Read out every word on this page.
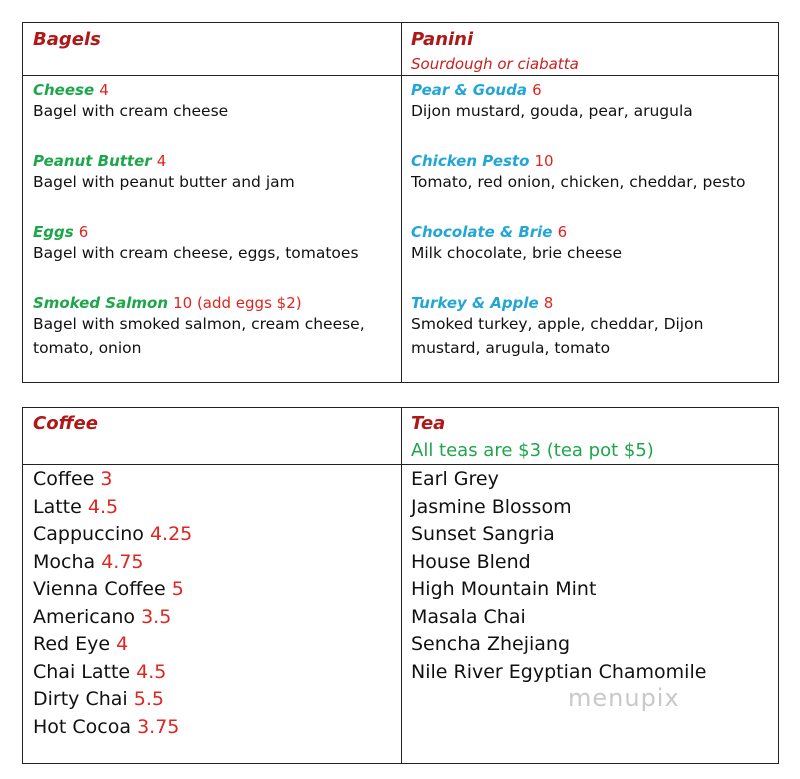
Bagels	Panini
Sourdough or ciabatta
Cheese 4
Bagel with cream cheese
Peanut Butter 4
Bagel with peanut butter and jam
Eggs 6
Bagel with cream cheese, eggs, tomatoes
Smoked Salmon 10 (add eggs $2)
Bagel with smoked salmon, cream cheese, tomato, onion
Pear & Gouda 6
Dijon mustard, gouda, pear, arugula
Chicken Pesto 10
Tomato, red onion, chicken, cheddar, pesto
Chocolate & Brie 6
Milk chocolate, brie cheese
Turkey & Apple 8
Smoked turkey, apple, cheddar, Dijon mustard, arugula, tomato
Coffee	Tea
All teas are $3 (tea pot $5)
Coffee 3
Latte 4.5
Cappuccino 4.25
Mocha 4.75
Vienna Coffee 5
Americano 3.5
Red Eye 4
Chai Latte 4.5
Dirty Chai 5.5
Hot Cocoa 3.75
Earl Grey
Jasmine Blossom
Sunset Sangria
House Blend
High Mountain Mint
Masala Chai
Sencha Zhejiang
Nile River Egyptian Chamomile
menupix
